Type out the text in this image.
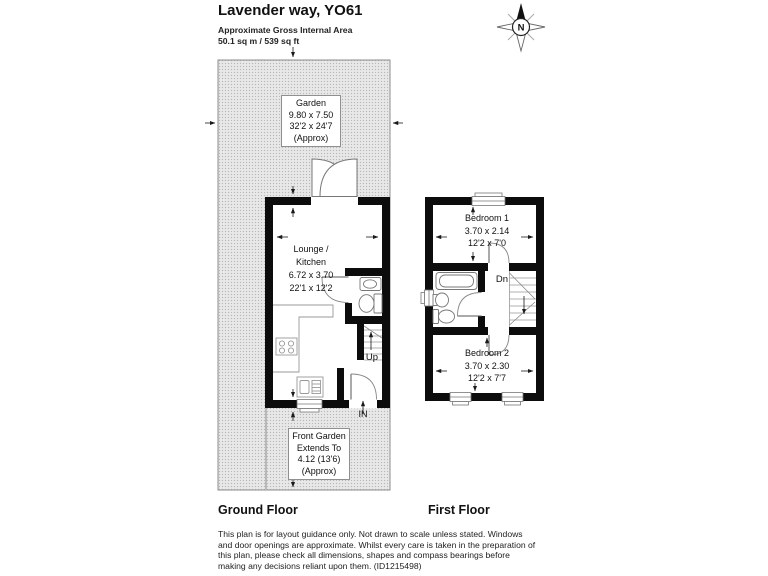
N
Lavender way, YO61
Approximate Gross Internal Area
50.1 sq m / 539 sq ft
Garden
9.80 x 7.50
32'2 x 24'7
(Approx)
Lounge /
Kitchen
6.72 x 3.70
22'1 x 12'2
Front Garden
Extends To
4.12 (13'6)
(Approx)
Bedroom 1
3.70 x 2.14
12'2 x 7'0
Bedroom 2
3.70 x 2.30
12'2 x 7'7
Up
Dn
IN
Ground Floor	First Floor
This plan is for layout guidance only. Not drawn to scale unless stated. Windows and door openings are approximate. Whilst every care is taken in the preparation of this plan, please check all dimensions, shapes and compass bearings before making any decisions reliant upon them. (ID1215498)
